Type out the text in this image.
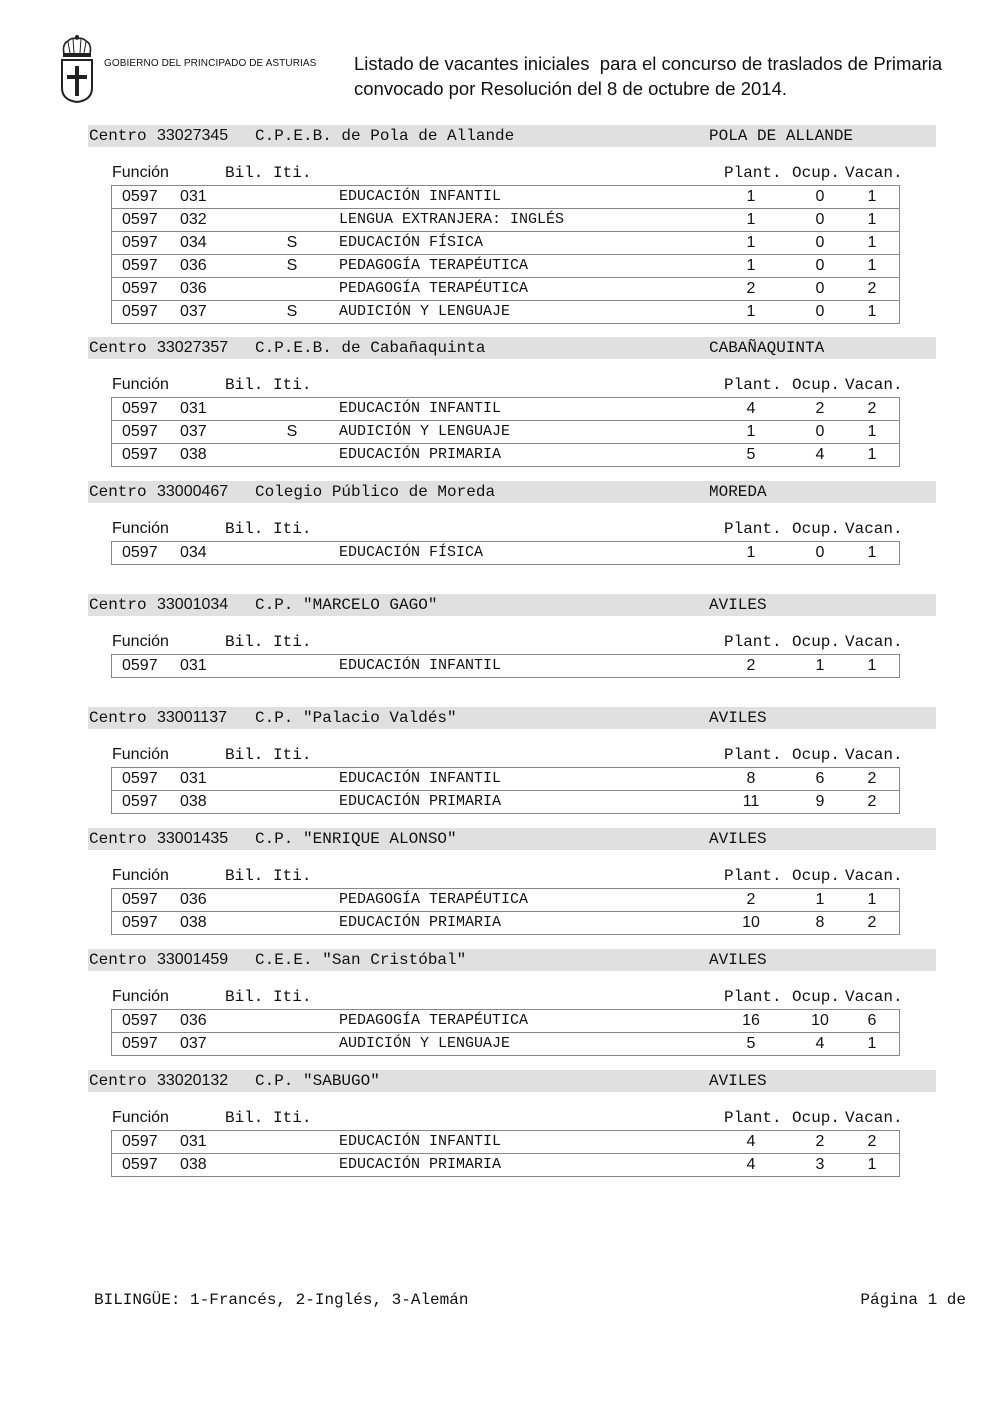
GOBIERNO DEL PRINCIPADO DE ASTURIAS Listado de vacantes iniciales  para el concurso de traslados de Primaria
convocado por Resolución del 8 de octubre de 2014.
Centro 33027345 C.P.E.B. de Pola de Allande	POLA DE ALLANDE
Función	Bil. Iti.	Plant. Ocup. Vacan.
0597 031	EDUCACIÓN INFANTIL	1	0	1
0597 032	LENGUA EXTRANJERA: INGLÉS	1	0	1
0597 034	S	EDUCACIÓN FÍSICA	1	0	1
0597 036	S	PEDAGOGÍA TERAPÉUTICA	1	0	1
0597 036	PEDAGOGÍA TERAPÉUTICA	2	0	2
0597 037	S	AUDICIÓN Y LENGUAJE	1	0	1
Centro 33027357 C.P.E.B. de Cabañaquinta	CABAÑAQUINTA
Función	Bil. Iti.	Plant. Ocup. Vacan.
0597 031	EDUCACIÓN INFANTIL	4	2	2
0597 037	S	AUDICIÓN Y LENGUAJE	1	0	1
0597 038	EDUCACIÓN PRIMARIA	5	4	1
Centro 33000467 Colegio Público de Moreda	MOREDA
Función	Bil. Iti.	Plant. Ocup. Vacan.
0597 034	EDUCACIÓN FÍSICA	1	0	1
Centro 33001034 C.P. "MARCELO GAGO"	AVILES
Función	Bil. Iti.	Plant. Ocup. Vacan.
0597 031	EDUCACIÓN INFANTIL	2	1	1
Centro 33001137 C.P. "Palacio Valdés"	AVILES
Función	Bil. Iti.	Plant. Ocup. Vacan.
0597 031	EDUCACIÓN INFANTIL	8	6	2
0597 038	EDUCACIÓN PRIMARIA	11	9	2
Centro 33001435 C.P. "ENRIQUE ALONSO"	AVILES
Función	Bil. Iti.	Plant. Ocup. Vacan.
0597 036	PEDAGOGÍA TERAPÉUTICA	2	1	1
0597 038	EDUCACIÓN PRIMARIA	10	8	2
Centro 33001459 C.E.E. "San Cristóbal"	AVILES
Función	Bil. Iti.	Plant. Ocup. Vacan.
0597 036	PEDAGOGÍA TERAPÉUTICA	16	10	6
0597 037	AUDICIÓN Y LENGUAJE	5	4	1
Centro 33020132 C.P. "SABUGO"	AVILES
Función	Bil. Iti.	Plant. Ocup. Vacan.
0597 031	EDUCACIÓN INFANTIL	4	2	2
0597 038	EDUCACIÓN PRIMARIA	4	3	1
BILINGÜE: 1-Francés, 2-Inglés, 3-Alemán	Página 1 de
